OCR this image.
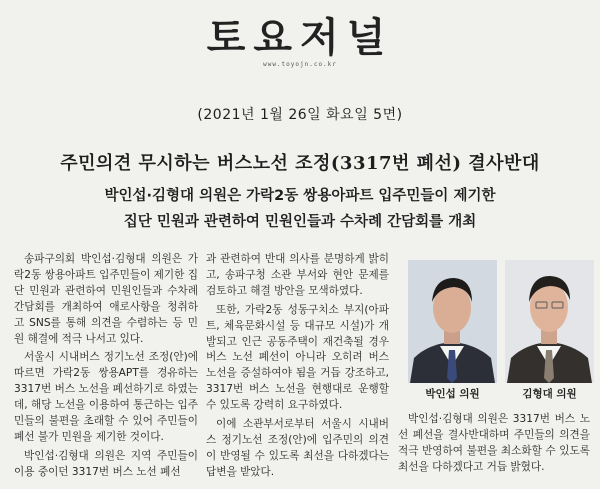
토요저널
www.toyojn.co.kr
(2021년 1월 26일 화요일 5면)
주민의견 무시하는 버스노선 조정(3317번 폐선) 결사반대
박인섭·김형대 의원은 가락2동 쌍용아파트 입주민들이 제기한
집단 민원과 관련하여 민원인들과 수차례 간담회를 개최

송파구의회 박인섭·김형대 의원은 가락2동 쌍용아파트 입주민들이 제기한 집단 민원과 관련하여 민원인들과 수차례 간담회를 개최하여 애로사항을 청취하고 SNS를 통해 의견을 수렴하는 등 민원 해결에 적극 나서고 있다.

서울시 시내버스 정기노선 조정(안)에 따르면 가락2동 쌍용APT를 경유하는 3317번 버스 노선을 폐선하기로 하였는데, 해당 노선을 이용하여 통근하는 입주민들의 불편을 초래할 수 있어 주민들이 폐선 불가 민원을 제기한 것이다.

박인섭·김형대 의원은 지역 주민들이 이용 중이던 3317번 버스 노선 폐선

과 관련하여 반대 의사를 분명하게 밝히고, 송파구청 소관 부서와 현안 문제를 검토하고 해결 방안을 모색하였다.

또한, 가락2동 성동구치소 부지(아파트, 체육문화시설 등 대규모 시설)가 개발되고 인근 공동주택이 재건축될 경우 버스 노선 폐선이 아니라 오히려 버스 노선을 증설하여야 됨을 거듭 강조하고, 3317번 버스 노선을 현행대로 운행할 수 있도록 강력히 요구하였다.

이에 소관부서로부터 서울시 시내버스 정기노선 조정(안)에 입주민의 의견이 반영될 수 있도록 최선을 다하겠다는 답변을 받았다.

박인섭 의원	김형대 의원

박인섭·김형대 의원은 3317번 버스 노선 폐선을 결사반대하며 주민들의 의견을 적극 반영하여 불편을 최소화할 수 있도록 최선을 다하겠다고 거듭 밝혔다.
